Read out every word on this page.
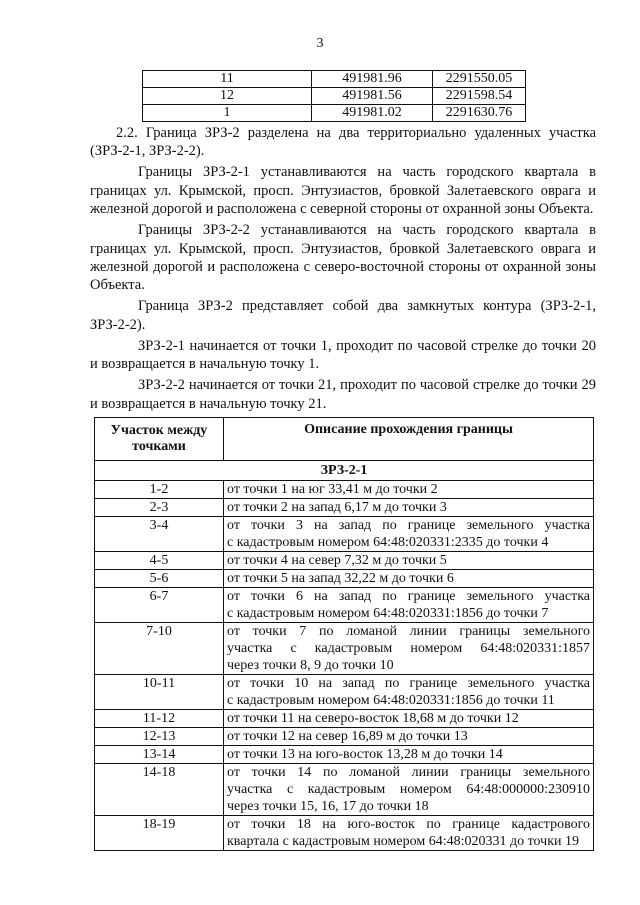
3
11	491981.96	2291550.05
12	491981.56	2291598.54
1	491981.02	2291630.76

2.2. Граница ЗРЗ-2 разделена на два территориально удаленных участка (ЗРЗ-2-1, ЗРЗ-2-2).

Границы ЗРЗ-2-1 устанавливаются на часть городского квартала в границах ул. Крымской, просп. Энтузиастов, бровкой Залетаевского оврага и железной дорогой и расположена с северной стороны от охранной зоны Объекта.

Границы ЗРЗ-2-2 устанавливаются на часть городского квартала в границах ул. Крымской, просп. Энтузиастов, бровкой Залетаевского оврага и железной дорогой и расположена с северо-восточной стороны от охранной зоны Объекта.

Граница ЗРЗ-2 представляет собой два замкнутых контура (ЗРЗ-2-1, ЗРЗ-2-2).

ЗРЗ-2-1 начинается от точки 1, проходит по часовой стрелке до точки 20 и возвращается в начальную точку 1.

ЗРЗ-2-2 начинается от точки 21, проходит по часовой стрелке до точки 29 и возвращается в начальную точку 21.

Участок между точками	Описание прохождения границы
ЗРЗ-2-1	
1-2	от точки 1 на юг 33,41 м до точки 2

2-3	от точки 2 на запад 6,17 м до точки 3

3-4	от точки 3 на запад по границе земельного участка
с кадастровым номером 64:48:020331:2335 до точки 4

4-5	от точки 4 на север 7,32 м до точки 5

5-6	от точки 5 на запад 32,22 м до точки 6

6-7	от точки 6 на запад по границе земельного участка
с кадастровым номером 64:48:020331:1856 до точки 7

7-10	от точки 7 по ломаной линии границы земельного
участка с кадастровым номером 64:48:020331:1857
через точки 8, 9 до точки 10

10-11	от точки 10 на запад по границе земельного участка
с кадастровым номером 64:48:020331:1856 до точки 11

11-12	от точки 11 на северо-восток 18,68 м до точки 12

12-13	от точки 12 на север 16,89 м до точки 13

13-14	от точки 13 на юго-восток 13,28 м до точки 14

14-18	от точки 14 по ломаной линии границы земельного
участка с кадастровым номером 64:48:000000:230910
через точки 15, 16, 17 до точки 18

18-19	от точки 18 на юго-восток по границе кадастрового
квартала с кадастровым номером 64:48:020331 до точки 19
